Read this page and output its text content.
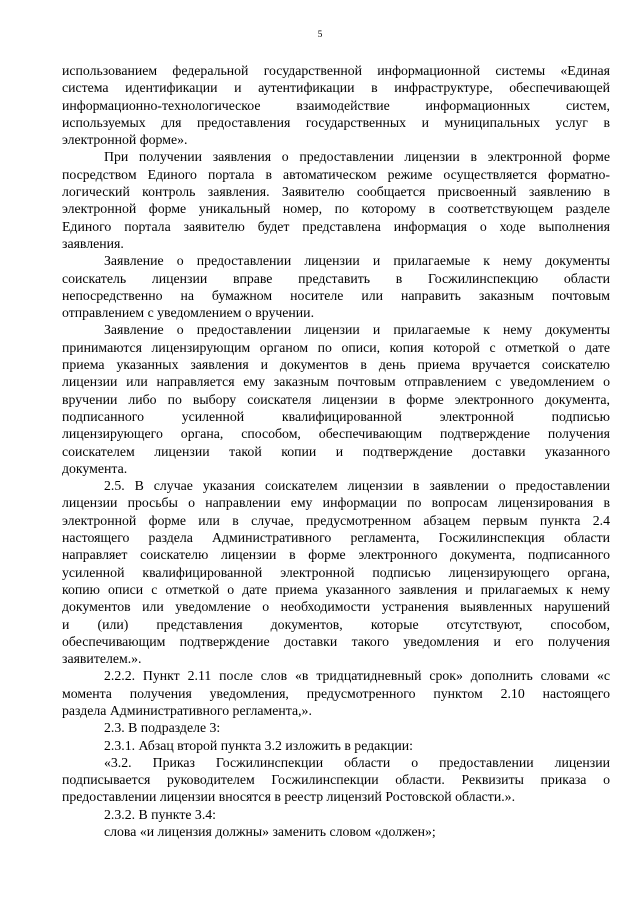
5
использованием федеральной государственной информационной системы «Единая
система идентификации и аутентификации в инфраструктуре, обеспечивающей
информационно-технологическое взаимодействие информационных систем,
используемых для предоставления государственных и муниципальных услуг в
электронной форме».
При получении заявления о предоставлении лицензии в электронной форме
посредством Единого портала в автоматическом режиме осуществляется форматно-
логический контроль заявления. Заявителю сообщается присвоенный заявлению в
электронной форме уникальный номер, по которому в соответствующем разделе
Единого портала заявителю будет представлена информация о ходе выполнения
заявления.
Заявление о предоставлении лицензии и прилагаемые к нему документы
соискатель лицензии вправе представить в Госжилинспекцию области
непосредственно на бумажном носителе или направить заказным почтовым
отправлением с уведомлением о вручении.
Заявление о предоставлении лицензии и прилагаемые к нему документы
принимаются лицензирующим органом по описи, копия которой с отметкой о дате
приема указанных заявления и документов в день приема вручается соискателю
лицензии или направляется ему заказным почтовым отправлением с уведомлением о
вручении либо по выбору соискателя лицензии в форме электронного документа,
подписанного усиленной квалифицированной электронной подписью
лицензирующего органа, способом, обеспечивающим подтверждение получения
соискателем лицензии такой копии и подтверждение доставки указанного
документа.
2.5. В случае указания соискателем лицензии в заявлении о предоставлении
лицензии просьбы о направлении ему информации по вопросам лицензирования в
электронной форме или в случае, предусмотренном абзацем первым пункта 2.4
настоящего раздела Административного регламента, Госжилинспекция области
направляет соискателю лицензии в форме электронного документа, подписанного
усиленной квалифицированной электронной подписью лицензирующего органа,
копию описи с отметкой о дате приема указанного заявления и прилагаемых к нему
документов или уведомление о необходимости устранения выявленных нарушений
и (или) представления документов, которые отсутствуют, способом,
обеспечивающим подтверждение доставки такого уведомления и его получения
заявителем.».
2.2.2. Пункт 2.11 после слов «в тридцатидневный срок» дополнить словами «с
момента получения уведомления, предусмотренного пунктом 2.10 настоящего
раздела Административного регламента,».
2.3. В подразделе 3:
2.3.1. Абзац второй пункта 3.2 изложить в редакции:
«3.2. Приказ Госжилинспекции области о предоставлении лицензии
подписывается руководителем Госжилинспекции области. Реквизиты приказа о
предоставлении лицензии вносятся в реестр лицензий Ростовской области.».
2.3.2. В пункте 3.4:
слова «и лицензия должны» заменить словом «должен»;
